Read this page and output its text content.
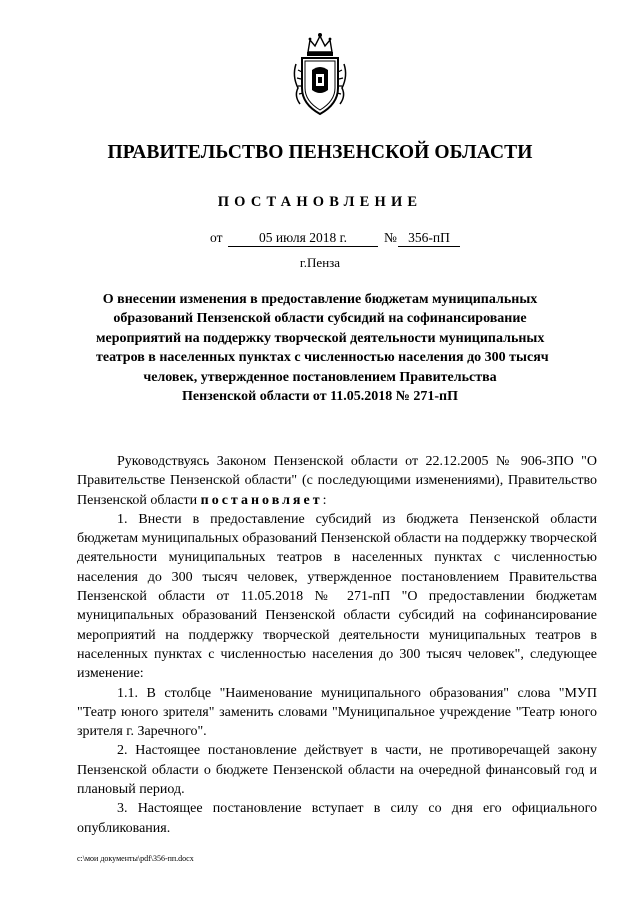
ПРАВИТЕЛЬСТВО ПЕНЗЕНСКОЙ ОБЛАСТИ
ПОСТАНОВЛЕНИЕ
от	05 июля 2018 г.	№ 356-пП
г.Пенза
О внесении изменения в предоставление бюджетам муниципальных
образований Пензенской области субсидий на софинансирование
мероприятий на поддержку творческой деятельности муниципальных
театров в населенных пунктах с численностью населения до 300 тысяч
человек, утвержденное постановлением Правительства
Пензенской области от 11.05.2018 № 271-пП

Руководствуясь Законом Пензенской области от 22.12.2005 № 906-ЗПО "О Правительстве Пензенской области" (с последующими изменениями), Правительство Пензенской области постановляет:

1. Внести в предоставление субсидий из бюджета Пензенской области бюджетам муниципальных образований Пензенской области на поддержку творческой деятельности муниципальных театров в населенных пунктах с численностью населения до 300 тысяч человек, утвержденное постановлением Правительства Пензенской области от 11.05.2018 № 271-пП "О предоставлении бюджетам муниципальных образований Пензенской области субсидий на софинансирование мероприятий на поддержку творческой деятельности муниципальных театров в населенных пунктах с численностью населения до 300 тысяч человек", следующее изменение:

1.1. В столбце "Наименование муниципального образования" слова "МУП "Театр юного зрителя" заменить словами "Муниципальное учреждение "Театр юного зрителя г. Заречного".

2. Настоящее постановление действует в части, не противоречащей закону Пензенской области о бюджете Пензенской области на очередной финансовый год и плановый период.

3. Настоящее постановление вступает в силу со дня его официального опубликования.

c:\мои документы\pdf\356-пп.docx
